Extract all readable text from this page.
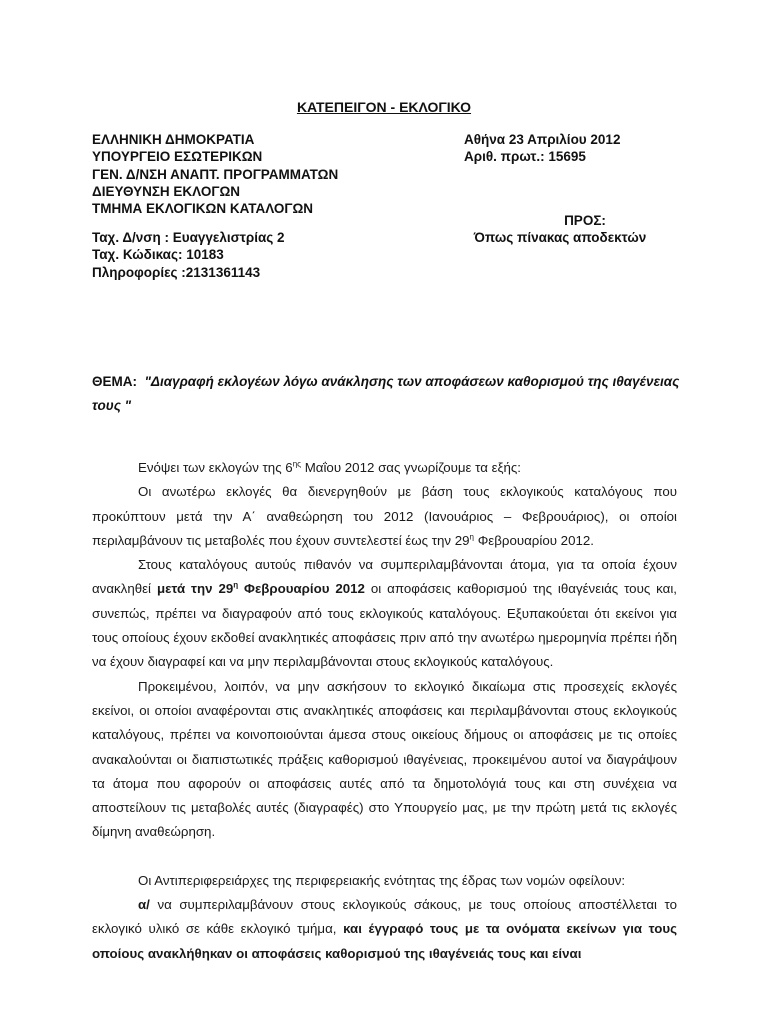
ΚΑΤΕΠΕΙΓΟΝ - ΕΚΛΟΓΙΚΟ
ΕΛΛΗΝΙΚΗ ΔΗΜΟΚΡΑΤΙΑ
ΥΠΟΥΡΓΕΙΟ ΕΣΩΤΕΡΙΚΩΝ
ΓΕΝ. Δ/ΝΣΗ ΑΝΑΠΤ. ΠΡΟΓΡΑΜΜΑΤΩΝ
ΔΙΕΥΘΥΝΣΗ ΕΚΛΟΓΩΝ
ΤΜΗΜΑ ΕΚΛΟΓΙΚΩΝ ΚΑΤΑΛΟΓΩΝ
Αθήνα 23 Απριλίου 2012
Αριθ. πρωτ.: 15695
ΠΡΟΣ:
Όπως πίνακας αποδεκτών
Ταχ. Δ/νση : Ευαγγελιστρίας 2
Ταχ. Κώδικας: 10183
Πληροφορίες :2131361143
ΘΕΜΑ: "Διαγραφή εκλογέων λόγω ανάκλησης των αποφάσεων καθορισμού της ιθαγένειας τους "

Ενόψει των εκλογών της $6^{\eta\varsigma}$ Μαΐου 2012 σας γνωρίζουμε τα εξής:

Οι ανωτέρω εκλογές θα διενεργηθούν με βάση τους εκλογικούς καταλόγους που προκύπτουν μετά την Α΄ αναθεώρηση του 2012 (Ιανουάριος – Φεβρουάριος), οι οποίοι περιλαμβάνουν τις μεταβολές που έχουν συντελεστεί έως την $29^\eta$ Φεβρουαρίου 2012.

Στους καταλόγους αυτούς πιθανόν να συμπεριλαμβάνονται άτομα, για τα οποία έχουν ανακληθεί μετά την $29^\eta$ Φεβρουαρίου 2012 οι αποφάσεις καθορισμού της ιθαγένειάς τους και, συνεπώς, πρέπει να διαγραφούν από τους εκλογικούς καταλόγους. Εξυπακούεται ότι εκείνοι για τους οποίους έχουν εκδοθεί ανακλητικές αποφάσεις πριν από την ανωτέρω ημερομηνία πρέπει ήδη να έχουν διαγραφεί και να μην περιλαμβάνονται στους εκλογικούς καταλόγους.

Προκειμένου, λοιπόν, να μην ασκήσουν το εκλογικό δικαίωμα στις προσεχείς εκλογές εκείνοι, οι οποίοι αναφέρονται στις ανακλητικές αποφάσεις και περιλαμβάνονται στους εκλογικούς καταλόγους, πρέπει να κοινοποιούνται άμεσα στους οικείους δήμους οι αποφάσεις με τις οποίες ανακαλούνται οι διαπιστωτικές πράξεις καθορισμού ιθαγένειας, προκειμένου αυτοί να διαγράψουν τα άτομα που αφορούν οι αποφάσεις αυτές από τα δημοτολόγιά τους και στη συνέχεια να αποστείλουν τις μεταβολές αυτές (διαγραφές) στο Υπουργείο μας, με την πρώτη μετά τις εκλογές δίμηνη αναθεώρηση.

Οι Αντιπεριφερειάρχες της περιφερειακής ενότητας της έδρας των νομών οφείλουν:

α/ να συμπεριλαμβάνουν στους εκλογικούς σάκους, με τους οποίους αποστέλλεται το εκλογικό υλικό σε κάθε εκλογικό τμήμα, και έγγραφό τους με τα ονόματα εκείνων για τους οποίους ανακλήθηκαν οι αποφάσεις καθορισμού της ιθαγένειάς τους και είναι
